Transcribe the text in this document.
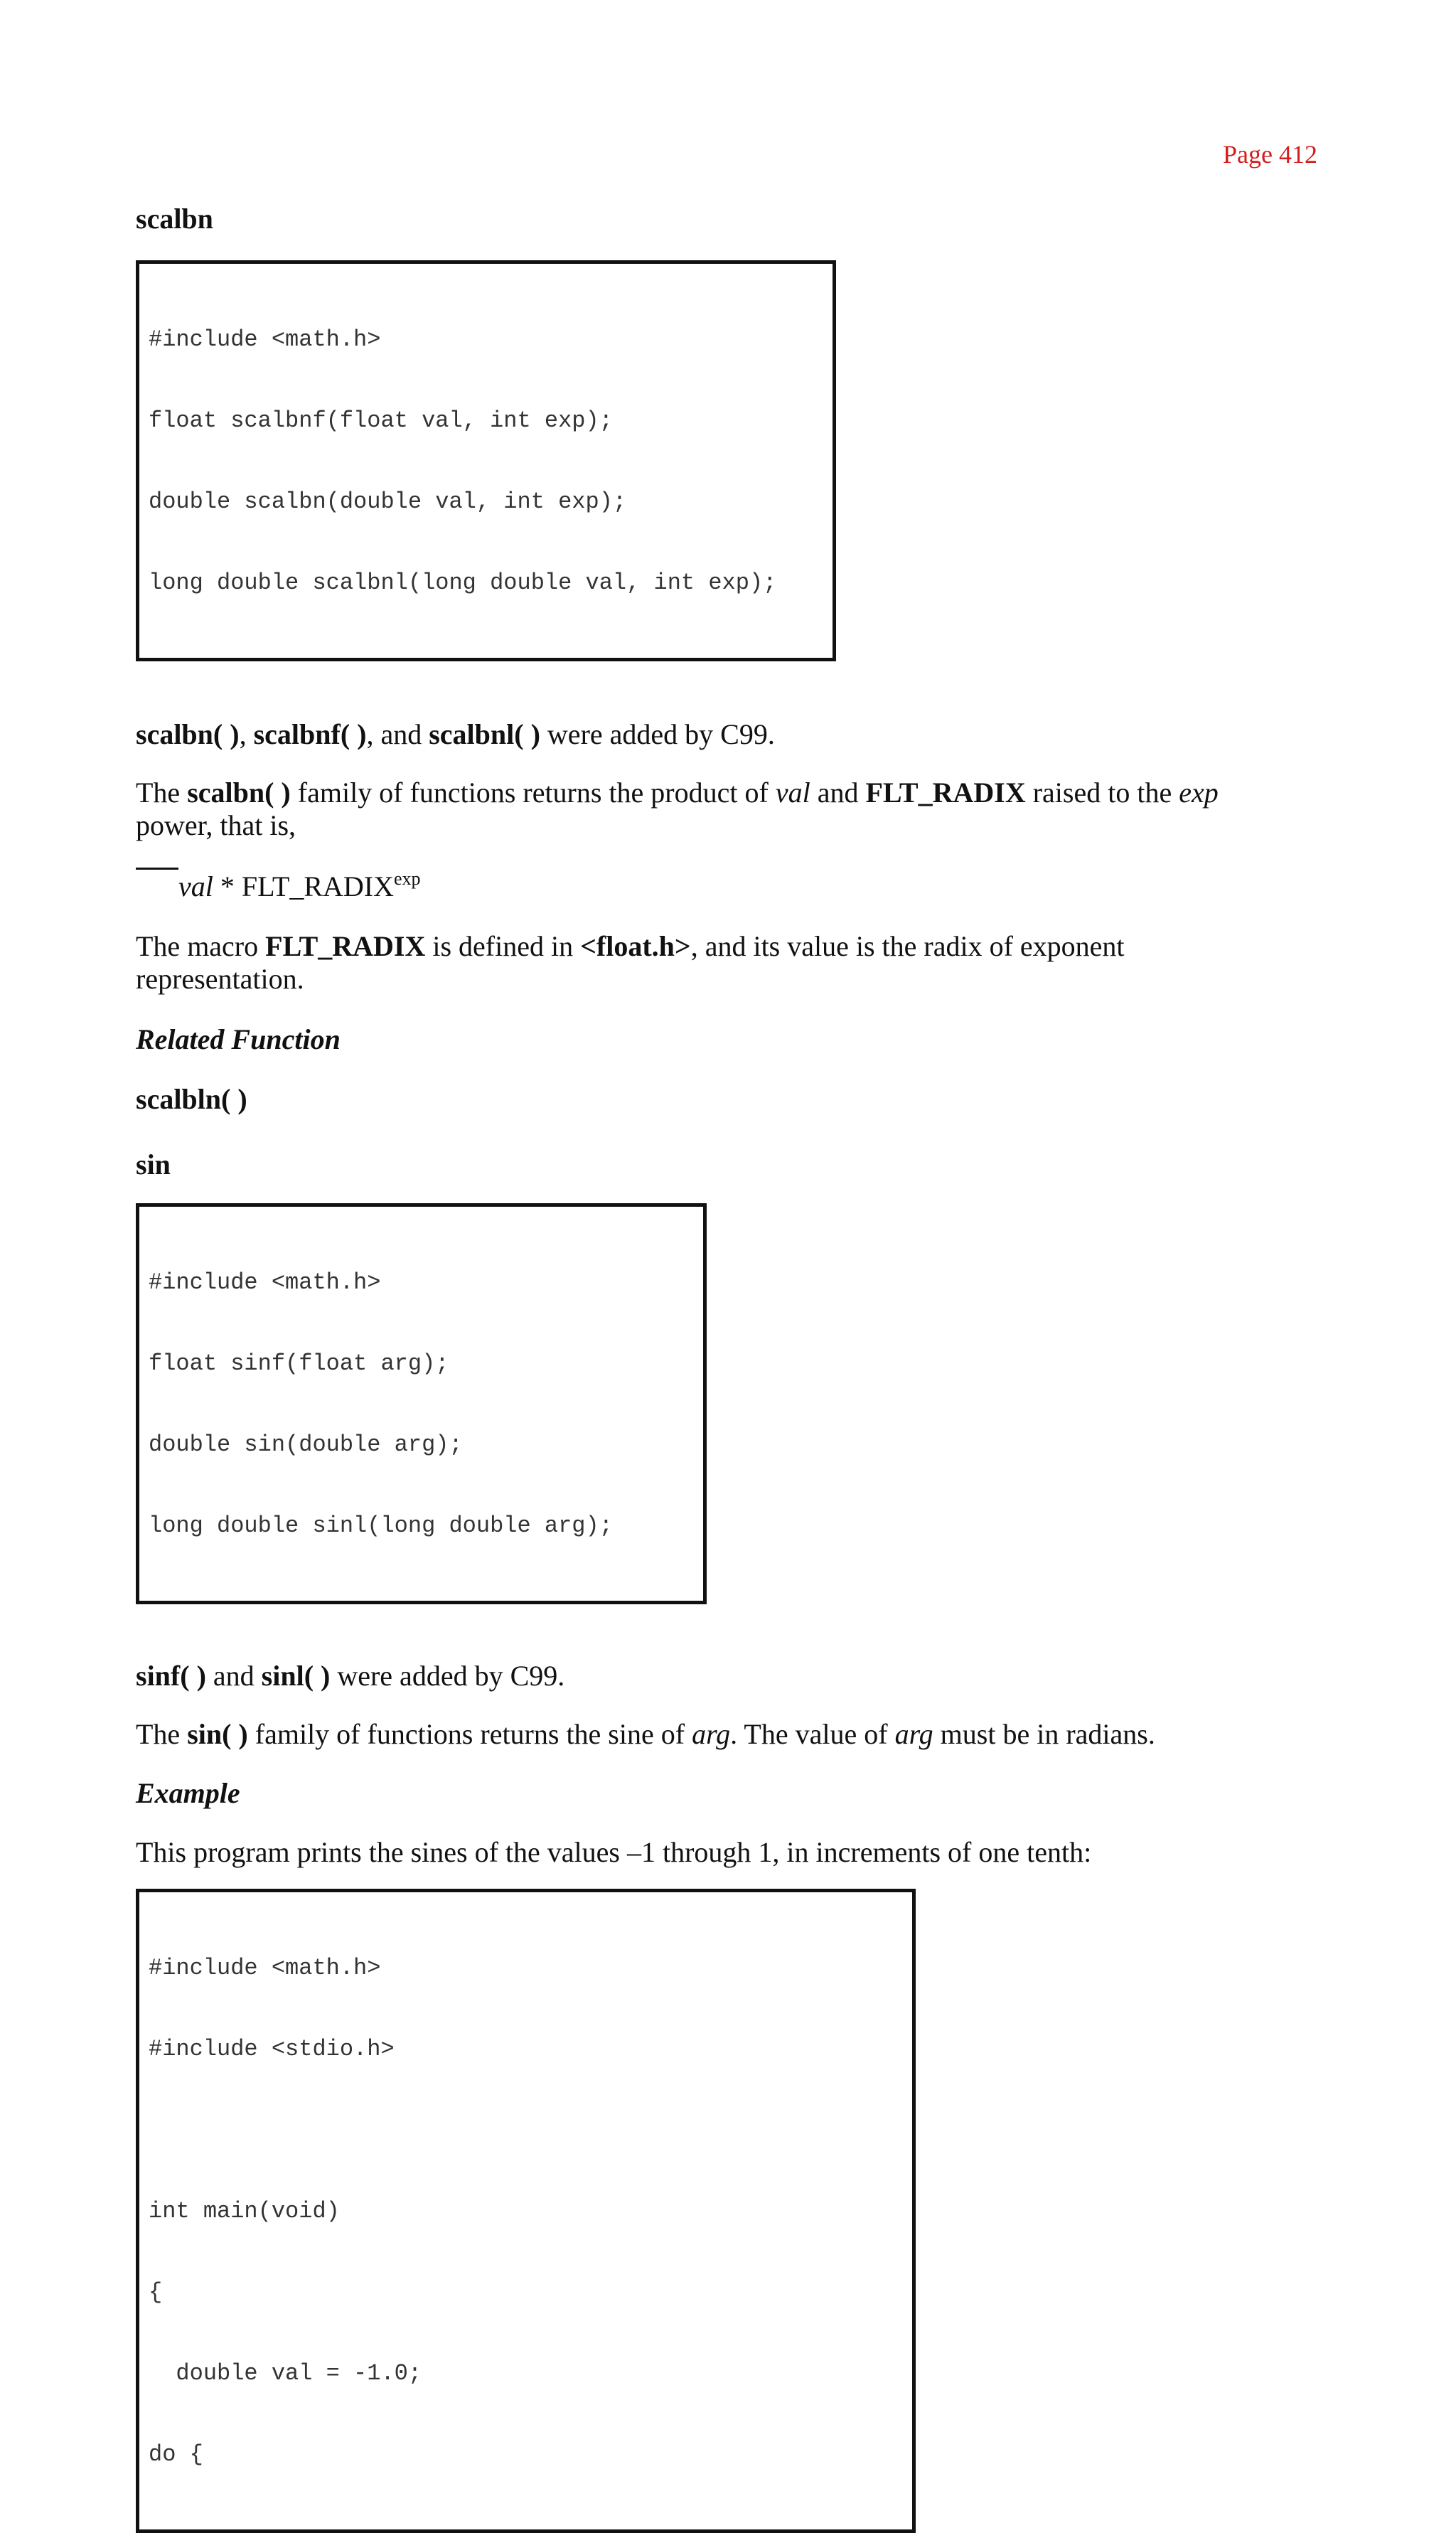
Page 412
scalbn

#include <math.h>

float scalbnf(float val, int exp);

double scalbn(double val, int exp);

long double scalbnl(long double val, int exp);

scalbn( ), scalbnf( ), and scalbnl( ) were added by C99.

The scalbn( ) family of functions returns the product of val and FLT_RADIX raised to the exp power, that is,

val * $FLT\_RADIX^{exp}$

The macro FLT_RADIX is defined in <float.h>, and its value is the radix of exponent representation.

Related Function

scalbln( )

sin

#include <math.h>

float sinf(float arg);

double sin(double arg);

long double sinl(long double arg);

sinf( ) and sinl( ) were added by C99.

The sin( ) family of functions returns the sine of arg. The value of arg must be in radians.

Example

This program prints the sines of the values –1 through 1, in increments of one tenth:

#include <math.h>

#include <stdio.h>

int main(void)

{

double val = -1.0;

do {
